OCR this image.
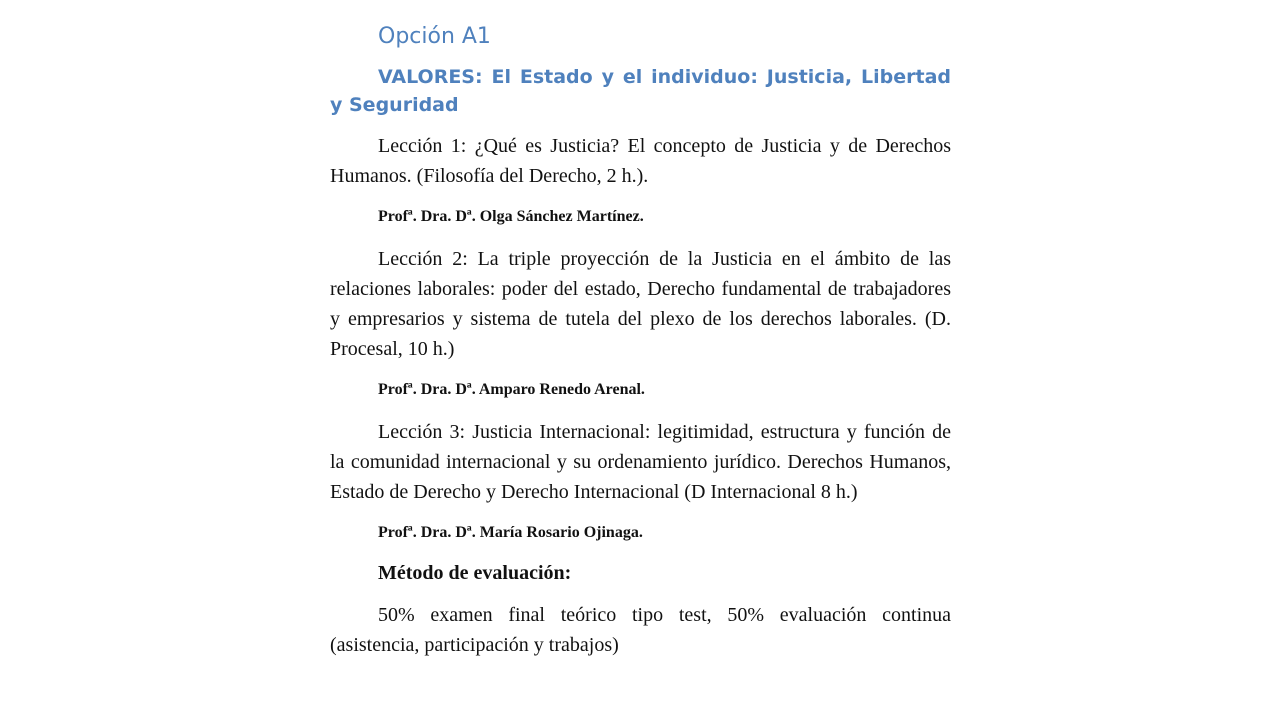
Opción A1
VALORES: El Estado y el individuo: Justicia, Libertad y Seguridad

Lección 1: ¿Qué es Justicia? El concepto de Justicia y de Derechos Humanos. (Filosofía del Derecho, 2 h.).

Profª. Dra. Dª. Olga Sánchez Martínez.

Lección 2: La triple proyección de la Justicia en el ámbito de las relaciones laborales: poder del estado, Derecho fundamental de trabajadores y empresarios y sistema de tutela del plexo de los derechos laborales. (D. Procesal, 10 h.)

Profª. Dra. Dª. Amparo Renedo Arenal.

Lección 3: Justicia Internacional: legitimidad, estructura y función de la comunidad internacional y su ordenamiento jurídico. Derechos Humanos, Estado de Derecho y Derecho Internacional (D Internacional 8 h.)

Profª. Dra. Dª. María Rosario Ojinaga.

Método de evaluación:

50% examen final teórico tipo test, 50% evaluación continua (asistencia, participación y trabajos)
